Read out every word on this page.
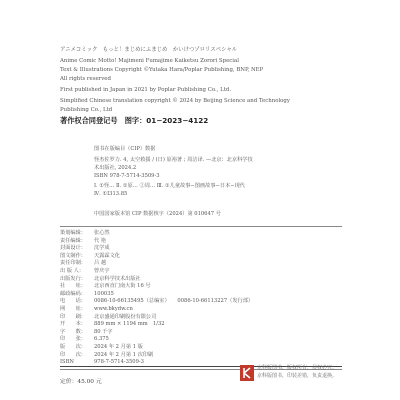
アニメコミック　もっと！まじめにふまじめ　かいけつゾロリスペシャル
Anime Comic Motto! Majimeni Fumajime Kaiketsu Zorori Special
Text & Illustrations Copyright ©Yutaka Hara/Poplar Publishing, BNP, NEP
All rights reserved
First published in Japan in 2021 by Poplar Publishing Co., Ltd.
Simplified Chinese translation copyright © 2024 by Beijing Science and Technology
Publishing Co., Ltd
著作权合同登记号　图字：01−2023−4122
图书在版编目（CIP）数据
怪杰佐罗力. 4, 太空救援 / (日) 原裕著 ; 周洁译. —北京：北京科学技
术出版社, 2024.2
ISBN 978-7-5714-3509-3
Ⅰ. ①怪… Ⅱ. ①原… ②周… Ⅲ. ①儿童故事−图画故事−日本−现代
Ⅳ. ①I313.85
中国国家版本馆 CIP 数据核字（2024）第 010647 号
策划编辑： 张心然
责任编辑： 代 艳
封面设计： 沈学成
图文制作： 天露霖文化
责任印制： 吕 越
出 版 人： 曾庆宇
出版发行： 北京科学技术出版社
社　　址： 北京西直门南大街 16 号
邮政编码： 100035
电　　话： 0086-10-66135495（总编室）　　0086-10-66113227（发行部）
网　　址： www.bkydw.cn
印　　刷： 北京盛通印刷股份有限公司
开　　本： 889 mm × 1194 mm　1/32
字　　数： 80 千字
印　　张： 6.375
版　　次： 2024 年 2 月第 1 版
印　　次： 2024 年 2 月第 1 次印刷
ISBN	978-7-5714-3509-3
定价：45.00 元
京科版图书，版权所有，侵权必究。
京科版图书，印装差错，负责退换。
